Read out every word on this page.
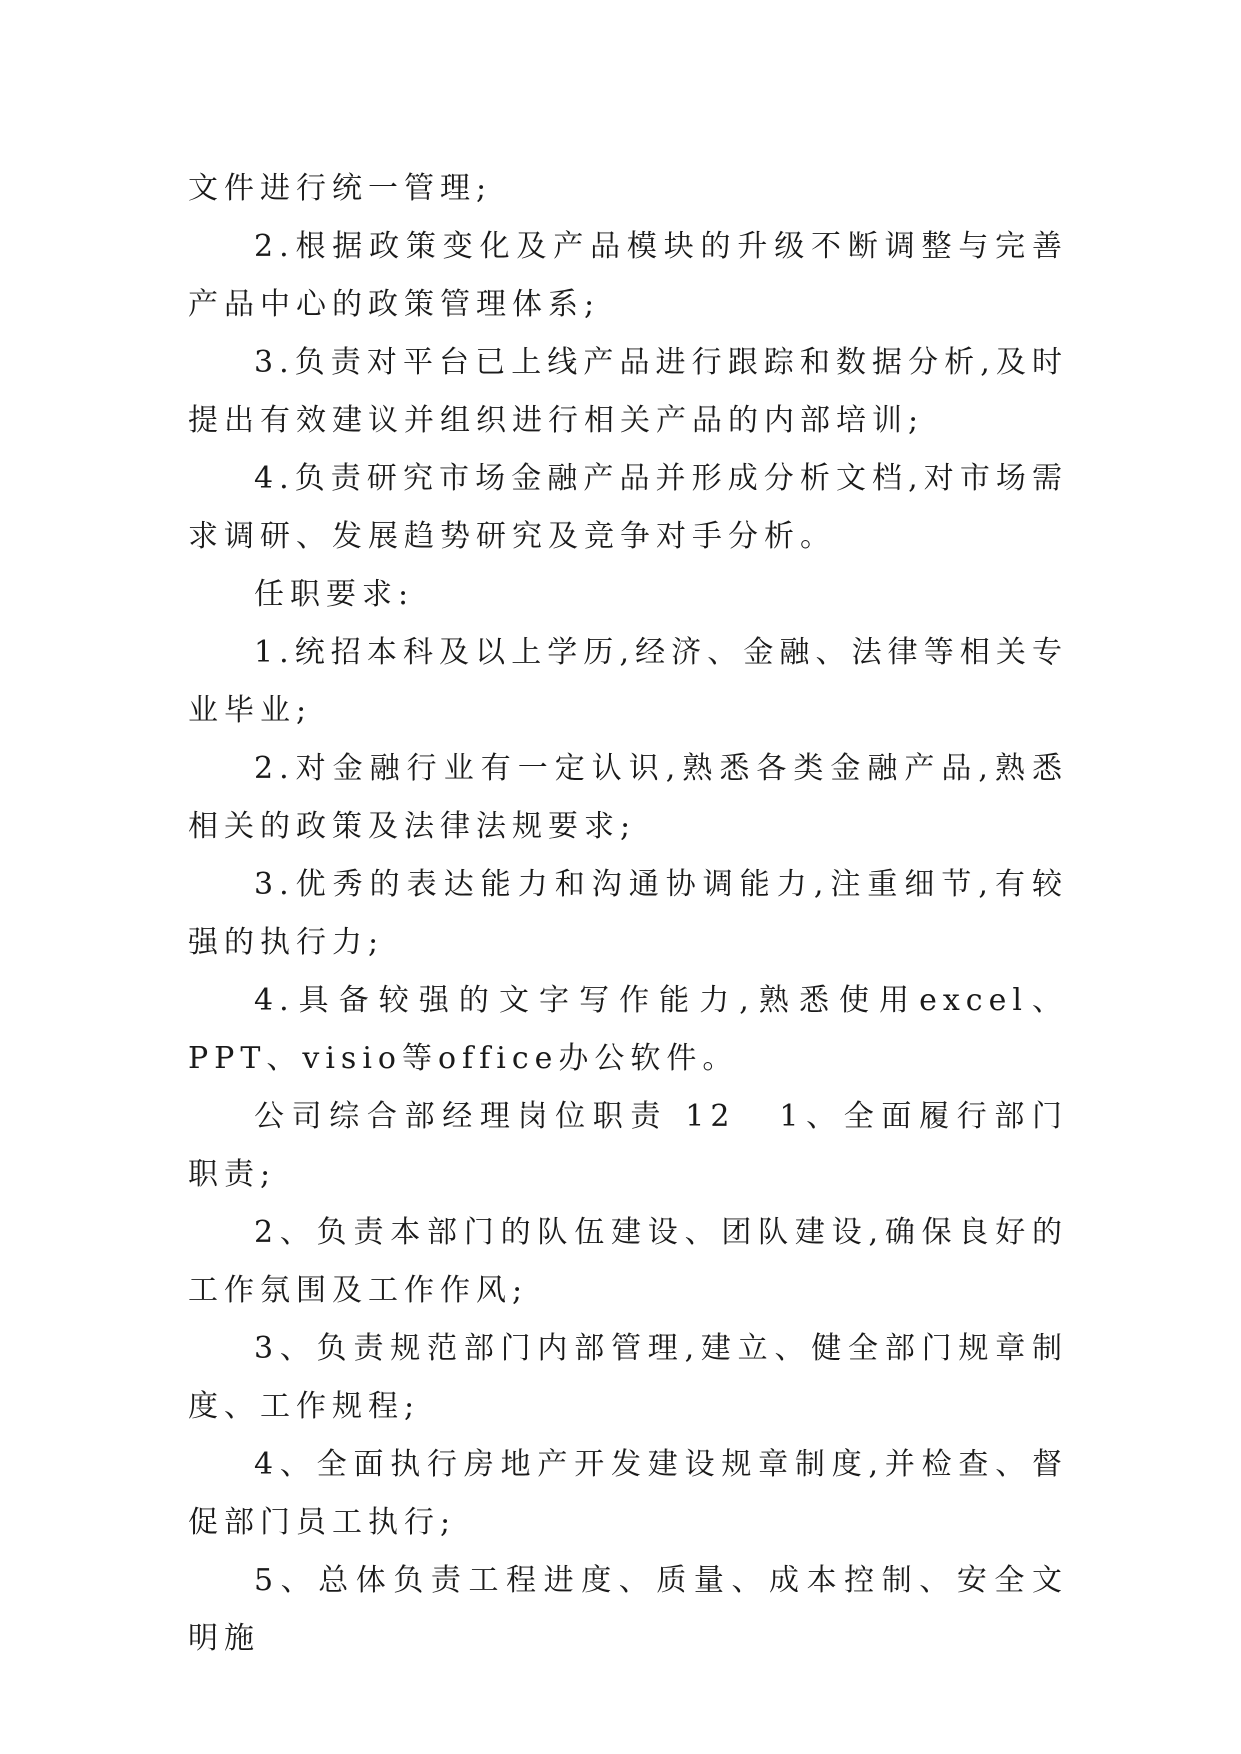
文件进行统一管理;

2.根据政策变化及产品模块的升级不断调整与完善产品中心的政策管理体系;

3.负责对平台已上线产品进行跟踪和数据分析,及时提出有效建议并组织进行相关产品的内部培训;

4.负责研究市场金融产品并形成分析文档,对市场需求调研、发展趋势研究及竞争对手分析。

任职要求:

1.统招本科及以上学历,经济、金融、法律等相关专业毕业;

2.对金融行业有一定认识,熟悉各类金融产品,熟悉相关的政策及法律法规要求;

3.优秀的表达能力和沟通协调能力,注重细节,有较强的执行力;

4.具备较强的文字写作能力,熟悉使用excel、PPT、visio等office办公软件。

公司综合部经理岗位职责 12 1、全面履行部门职责;

2、负责本部门的队伍建设、团队建设,确保良好的工作氛围及工作作风;

3、负责规范部门内部管理,建立、健全部门规章制度、工作规程;

4、全面执行房地产开发建设规章制度,并检查、督促部门员工执行;

5、总体负责工程进度、质量、成本控制、安全文明施
